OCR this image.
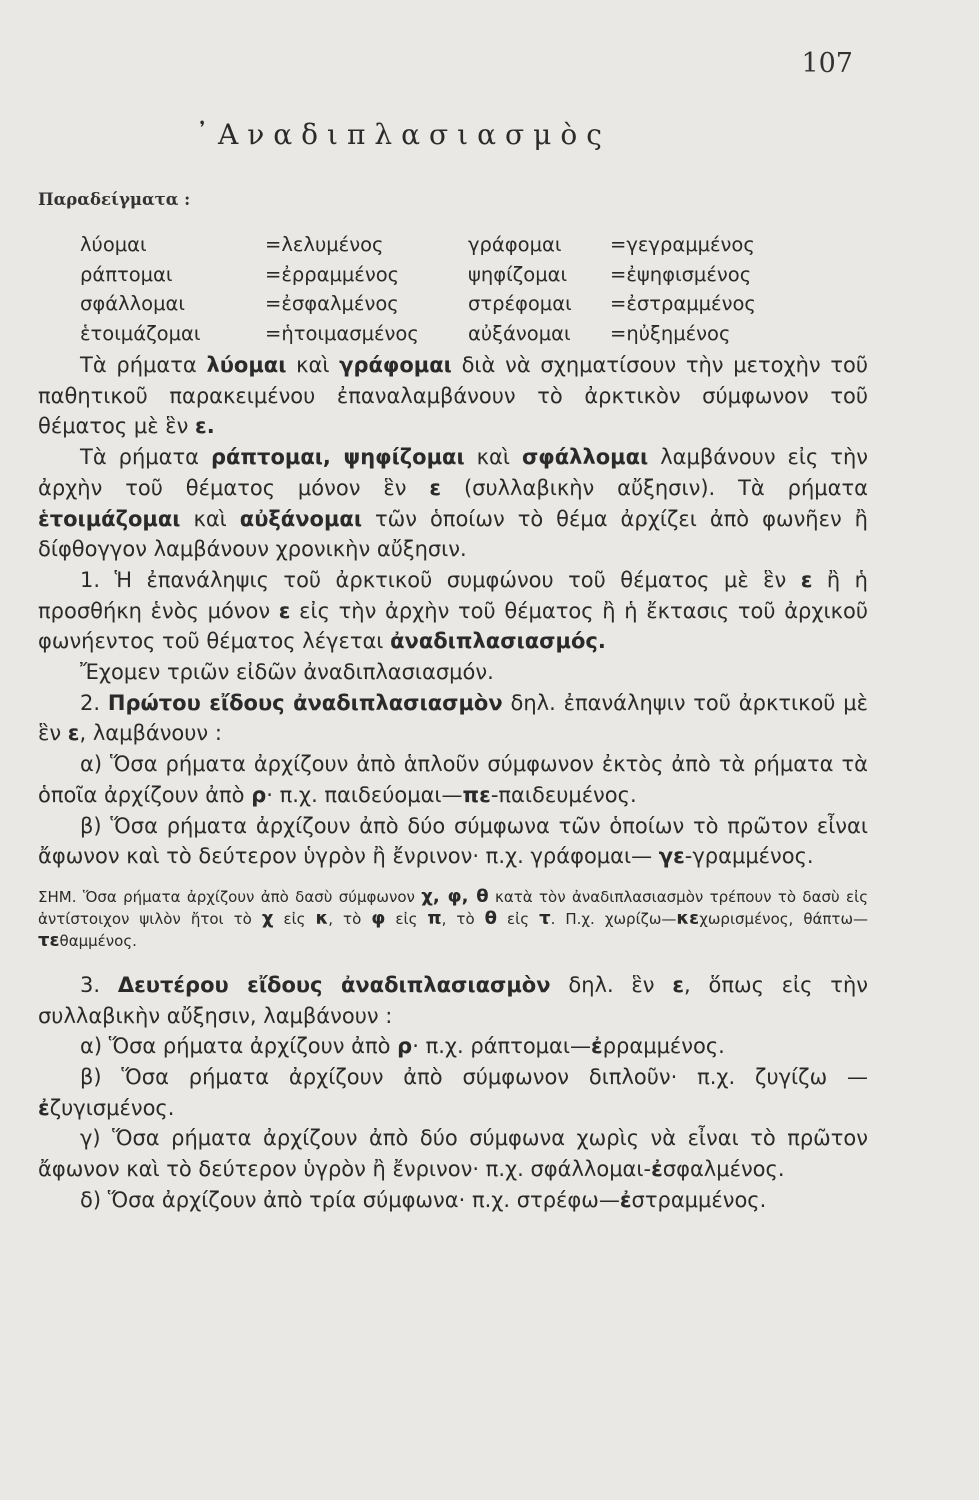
107
᾿Αναδιπλασιασμὸς
Παραδείγματα :
λύομαι	=λελυμένος	γράφομαι =γεγραμμένος
ράπτομαι	=ἐρραμμένος	ψηφίζομαι =ἐψηφισμένος
σφάλλομαι	=ἐσφαλμένος	στρέφομαι =ἐστραμμένος
ἑτοιμάζομαι	=ἡτοιμασμένος	αὐξάνομαι =ηὐξημένος

Τὰ ρήματα λύομαι καὶ γράφομαι διὰ νὰ σχηματίσουν τὴν μετοχὴν τοῦ παθητικοῦ παρακειμένου ἐπαναλαμβάνουν τὸ ἀρκτικὸν σύμφωνον τοῦ θέματος μὲ ἓν ε.

Τὰ ρήματα ράπτομαι, ψηφίζομαι καὶ σφάλλομαι λαμβάνουν εἰς τὴν ἀρχὴν τοῦ θέματος μόνον ἓν ε (συλλαβικὴν αὔξησιν). Τὰ ρήματα ἑτοιμάζομαι καὶ αὐξάνομαι τῶν ὁποίων τὸ θέμα ἀρχίζει ἀπὸ φωνῆεν ἢ δίφθογγον λαμβάνουν χρονικὴν αὔξησιν.

1. Ἡ ἐπανάληψις τοῦ ἀρκτικοῦ συμφώνου τοῦ θέματος μὲ ἓν ε ἢ ἡ προσθήκη ἑνὸς μόνον ε εἰς τὴν ἀρχὴν τοῦ θέματος ἢ ἡ ἔκτασις τοῦ ἀρχικοῦ φωνήεντος τοῦ θέματος λέγεται ἀναδιπλασιασμός.

Ἔχομεν τριῶν εἰδῶν ἀναδιπλασιασμόν.

2. Πρώτου εἴδους ἀναδιπλασιασμὸν δηλ. ἐπανάληψιν τοῦ ἀρκτικοῦ μὲ ἓν ε, λαμβάνουν :

α) Ὅσα ρήματα ἀρχίζουν ἀπὸ ἁπλοῦν σύμφωνον ἐκτὸς ἀπὸ τὰ ρήματα τὰ ὁποῖα ἀρχίζουν ἀπὸ ρ· π.χ. παιδεύομαι—πε-παιδευμένος.

β) Ὅσα ρήματα ἀρχίζουν ἀπὸ δύο σύμφωνα τῶν ὁποίων τὸ πρῶτον εἶναι ἄφωνον καὶ τὸ δεύτερον ὑγρὸν ἢ ἔνρινον· π.χ. γράφομαι— γε-γραμμένος.

ΣΗΜ. Ὅσα ρήματα ἀρχίζουν ἀπὸ δασὺ σύμφωνον χ, φ, θ κατὰ τὸν ἀναδιπλασιασμὸν τρέπουν τὸ δασὺ εἰς ἀντίστοιχον ψιλὸν ἤτοι τὸ χ εἰς κ, τὸ φ εἰς π, τὸ θ εἰς τ. Π.χ. χωρίζω—κεχωρισμένος, θάπτω—τεθαμμένος.

3. Δευτέρου εἴδους ἀναδιπλασιασμὸν δηλ. ἓν ε, ὅπως εἰς τὴν συλλαβικὴν αὔξησιν, λαμβάνουν :

α) Ὅσα ρήματα ἀρχίζουν ἀπὸ ρ· π.χ. ράπτομαι—ἐρραμμένος.

β) Ὅσα ρήματα ἀρχίζουν ἀπὸ σύμφωνον διπλοῦν· π.χ. ζυγίζω —ἐζυγισμένος.

γ) Ὅσα ρήματα ἀρχίζουν ἀπὸ δύο σύμφωνα χωρὶς νὰ εἶναι τὸ πρῶτον ἄφωνον καὶ τὸ δεύτερον ὑγρὸν ἢ ἔνρινον· π.χ. σφάλλομαι-ἐσφαλμένος.

δ) Ὅσα ἀρχίζουν ἀπὸ τρία σύμφωνα· π.χ. στρέφω—ἐστραμμένος.
